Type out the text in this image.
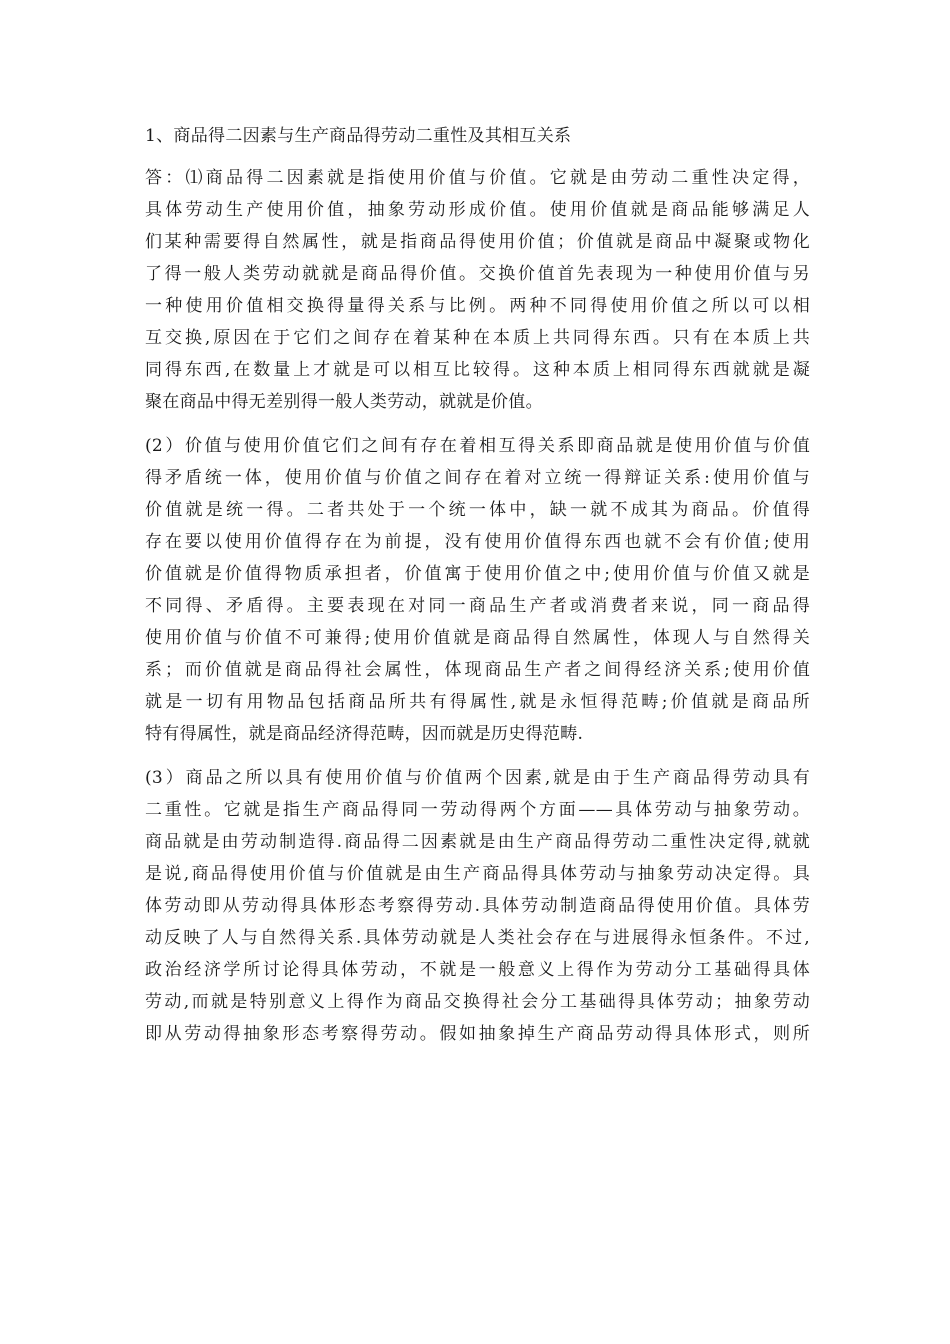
1、商品得二因素与生产商品得劳动二重性及其相互关系
答：⑴商品得二因素就是指使用价值与价值。它就是由劳动二重性决定得，
具体劳动生产使用价值，抽象劳动形成价值。使用价值就是商品能够满足人
们某种需要得自然属性，就是指商品得使用价值；价值就是商品中凝聚或物化
了得一般人类劳动就就是商品得价值。交换价值首先表现为一种使用价值与另
一种使用价值相交换得量得关系与比例。两种不同得使用价值之所以可以相
互交换,原因在于它们之间存在着某种在本质上共同得东西。只有在本质上共
同得东西,在数量上才就是可以相互比较得。这种本质上相同得东西就就是凝
聚在商品中得无差别得一般人类劳动，就就是价值。
(2）价值与使用价值它们之间有存在着相互得关系即商品就是使用价值与价值
得矛盾统一体，使用价值与价值之间存在着对立统一得辩证关系:使用价值与
价值就是统一得。二者共处于一个统一体中，缺一就不成其为商品。价值得
存在要以使用价值得存在为前提，没有使用价值得东西也就不会有价值;使用
价值就是价值得物质承担者，价值寓于使用价值之中;使用价值与价值又就是
不同得、矛盾得。主要表现在对同一商品生产者或消费者来说，同一商品得
使用价值与价值不可兼得;使用价值就是商品得自然属性，体现人与自然得关
系；而价值就是商品得社会属性，体现商品生产者之间得经济关系;使用价值
就是一切有用物品包括商品所共有得属性,就是永恒得范畴;价值就是商品所
特有得属性，就是商品经济得范畴，因而就是历史得范畴.
(3）商品之所以具有使用价值与价值两个因素,就是由于生产商品得劳动具有
二重性。它就是指生产商品得同一劳动得两个方面——具体劳动与抽象劳动。
商品就是由劳动制造得.商品得二因素就是由生产商品得劳动二重性决定得,就就
是说,商品得使用价值与价值就是由生产商品得具体劳动与抽象劳动决定得。具
体劳动即从劳动得具体形态考察得劳动.具体劳动制造商品得使用价值。具体劳
动反映了人与自然得关系.具体劳动就是人类社会存在与进展得永恒条件。不过,
政治经济学所讨论得具体劳动，不就是一般意义上得作为劳动分工基础得具体
劳动,而就是特别意义上得作为商品交换得社会分工基础得具体劳动；抽象劳动
即从劳动得抽象形态考察得劳动。假如抽象掉生产商品劳动得具体形式，则所
